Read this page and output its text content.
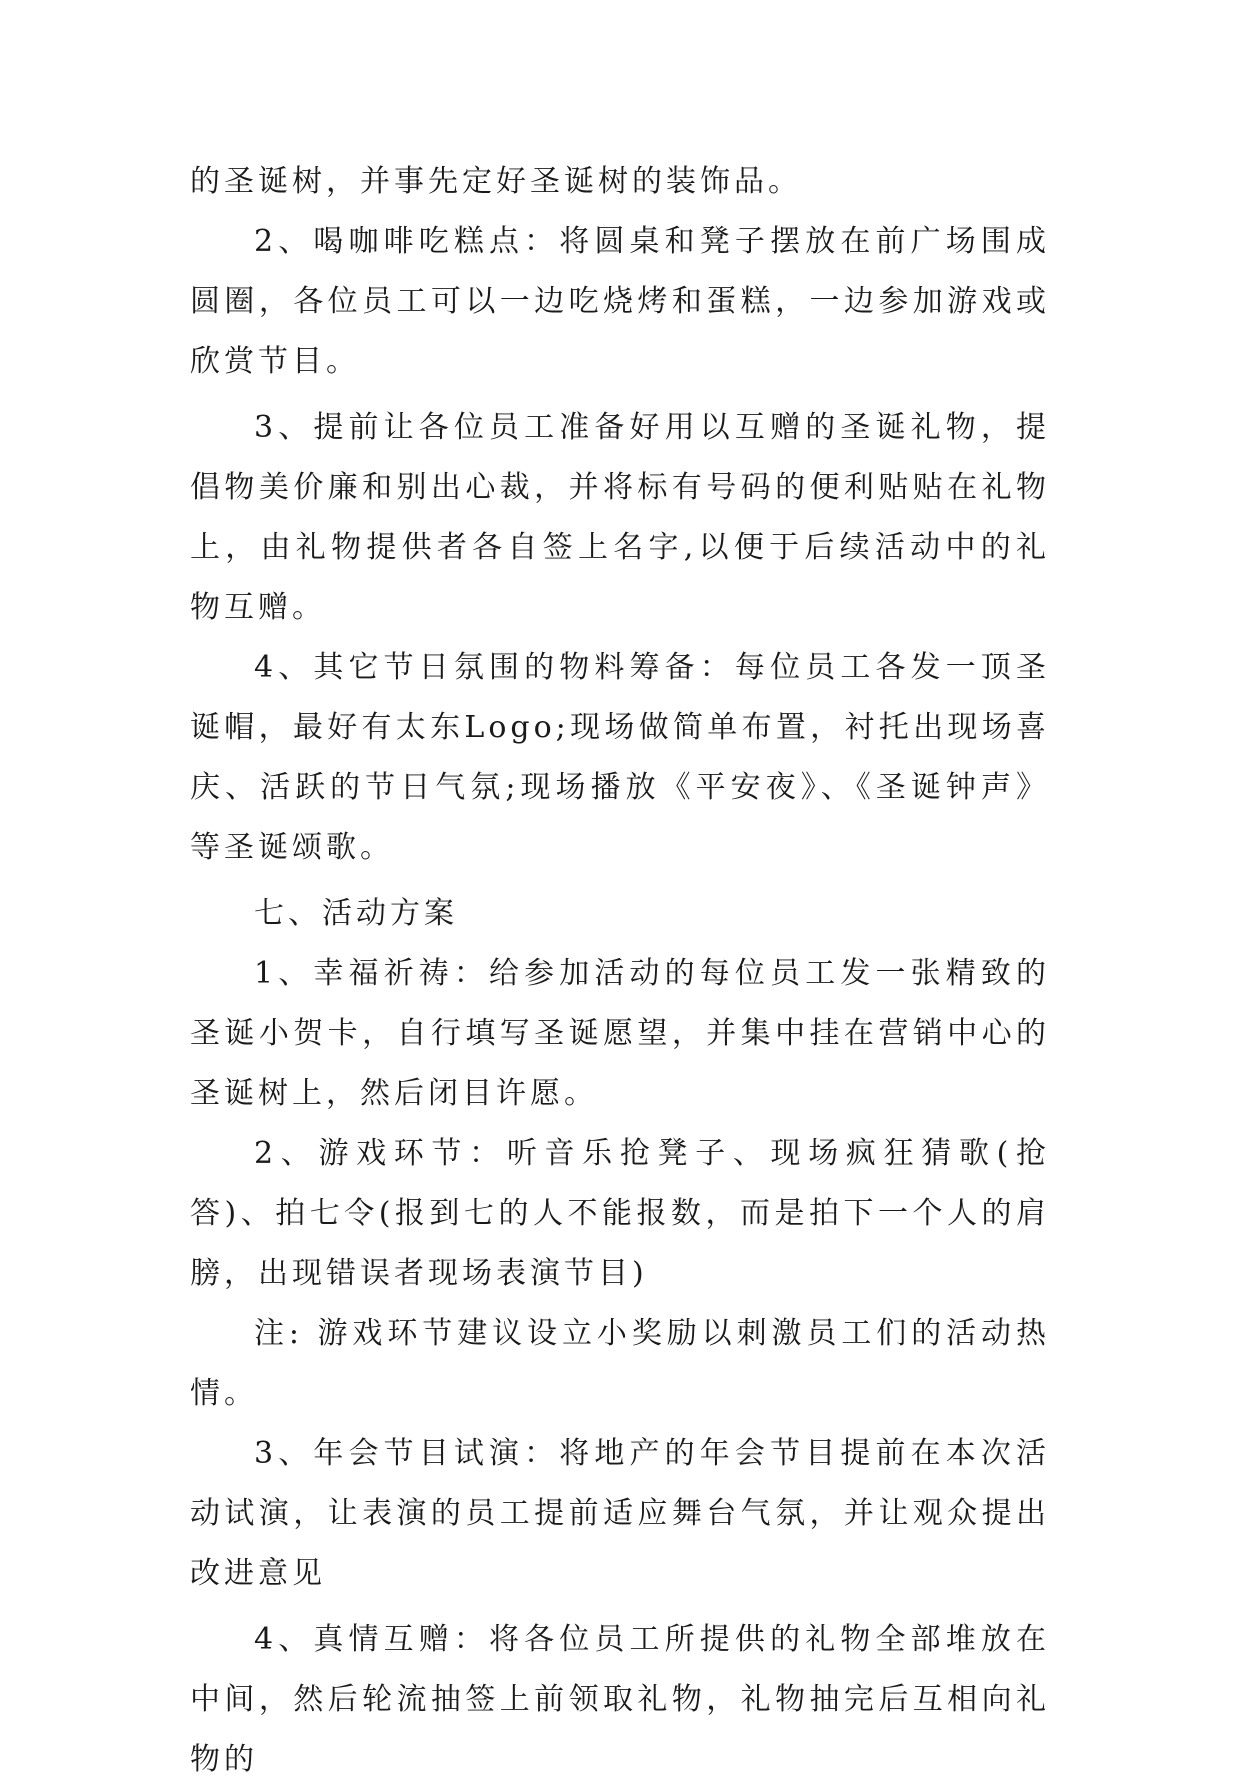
的圣诞树，并事先定好圣诞树的装饰品。

2、喝咖啡吃糕点：将圆桌和凳子摆放在前广场围成圆圈，各位员工可以一边吃烧烤和蛋糕，一边参加游戏或欣赏节目。

3、提前让各位员工准备好用以互赠的圣诞礼物，提倡物美价廉和别出心裁，并将标有号码的便利贴贴在礼物上，由礼物提供者各自签上名字,以便于后续活动中的礼物互赠。

4、其它节日氛围的物料筹备：每位员工各发一顶圣诞帽，最好有太东Logo;现场做简单布置，衬托出现场喜庆、活跃的节日气氛;现场播放《平安夜》、《圣诞钟声》等圣诞颂歌。

七、活动方案

1、幸福祈祷：给参加活动的每位员工发一张精致的圣诞小贺卡，自行填写圣诞愿望，并集中挂在营销中心的圣诞树上，然后闭目许愿。

2、游戏环节：听音乐抢凳子、现场疯狂猜歌(抢答)、拍七令(报到七的人不能报数，而是拍下一个人的肩膀，出现错误者现场表演节目)

注: 游戏环节建议设立小奖励以刺激员工们的活动热情。

3、年会节目试演：将地产的年会节目提前在本次活动试演，让表演的员工提前适应舞台气氛，并让观众提出改进意见

4、真情互赠：将各位员工所提供的礼物全部堆放在中间，然后轮流抽签上前领取礼物，礼物抽完后互相向礼物的
